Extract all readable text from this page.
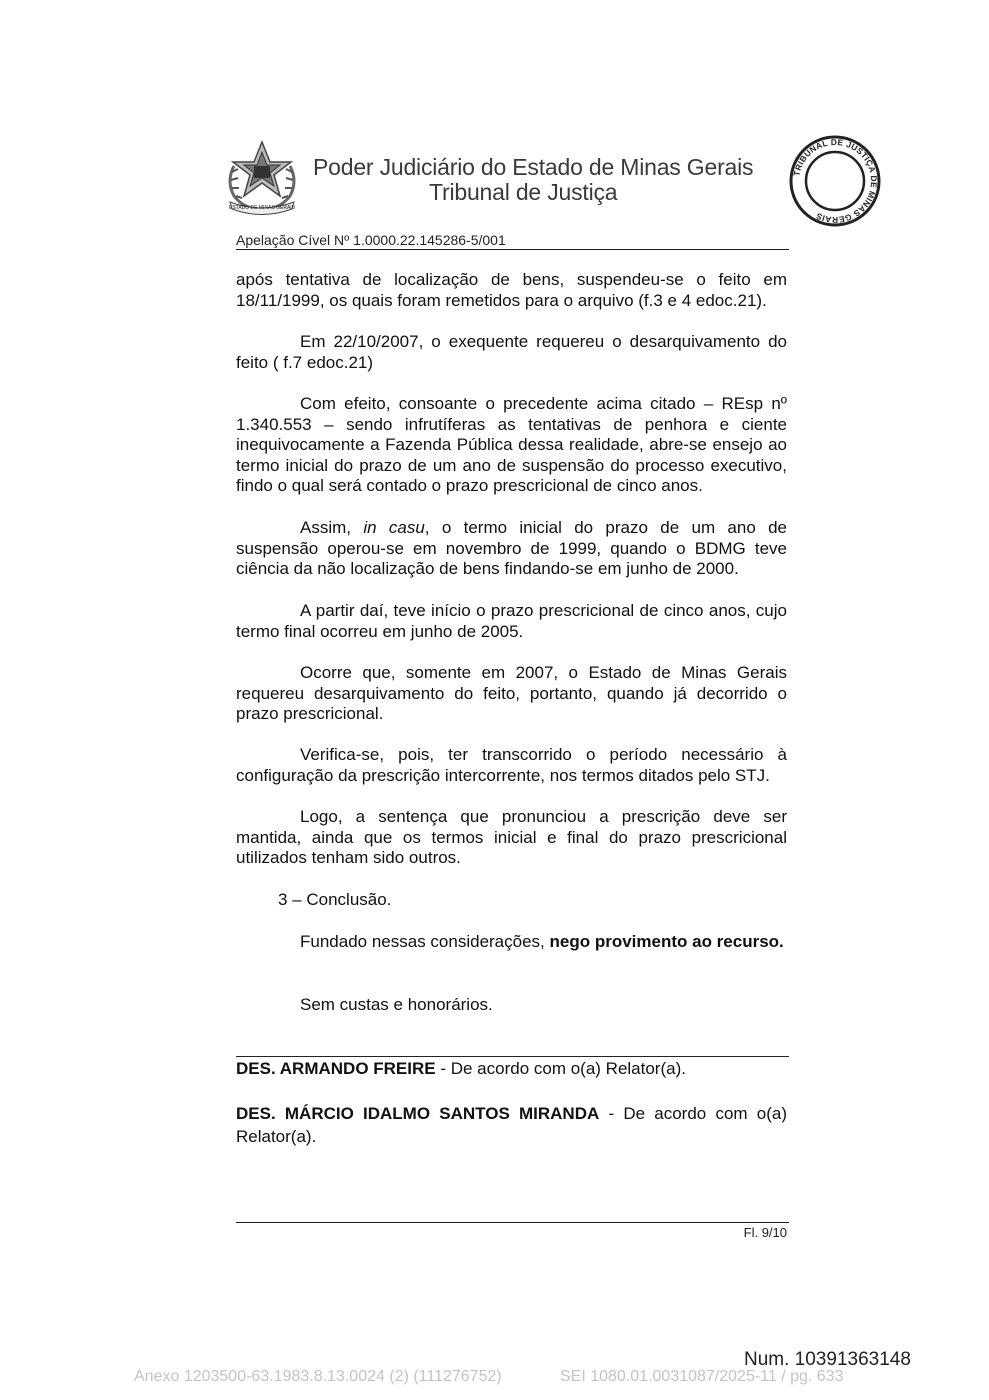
ESTADO DE MINAS GERAIS
Poder Judiciário do Estado de Minas Gerais
Tribunal de Justiça
TRIBUNAL DE JUSTIÇA DE MINAS GERAIS
Apelação Cível Nº 1.0000.22.145286-5/001

após tentativa de localização de bens, suspendeu-se o feito em 18/11/1999, os quais foram remetidos para o arquivo (f.3 e 4 edoc.21).

Em 22/10/2007, o exequente requereu o desarquivamento do feito ( f.7 edoc.21)

Com efeito, consoante o precedente acima citado – REsp nº 1.340.553 – sendo infrutíferas as tentativas de penhora e ciente inequivocamente a Fazenda Pública dessa realidade, abre-se ensejo ao termo inicial do prazo de um ano de suspensão do processo executivo, findo o qual será contado o prazo prescricional de cinco anos.

Assim, in casu, o termo inicial do prazo de um ano de suspensão operou-se em novembro de 1999, quando o BDMG teve ciência da não localização de bens findando-se em junho de 2000.

A partir daí, teve início o prazo prescricional de cinco anos, cujo termo final ocorreu em junho de 2005.

Ocorre que, somente em 2007, o Estado de Minas Gerais requereu desarquivamento do feito, portanto, quando já decorrido o prazo prescricional.

Verifica-se, pois, ter transcorrido o período necessário à configuração da prescrição intercorrente, nos termos ditados pelo STJ.

Logo, a sentença que pronunciou a prescrição deve ser mantida, ainda que os termos inicial e final do prazo prescricional utilizados tenham sido outros.

3 – Conclusão.

Fundado nessas considerações, nego provimento ao recurso.

Sem custas e honorários.

DES. ARMANDO FREIRE - De acordo com o(a) Relator(a).

DES. MÁRCIO IDALMO SANTOS MIRANDA - De acordo com o(a) Relator(a).

Fl. 9/10
Num. 10391363148
Anexo 1203500-63.1983.8.13.0024 (2) (111276752)	SEI 1080.01.0031087/2025-11 / pg. 633
